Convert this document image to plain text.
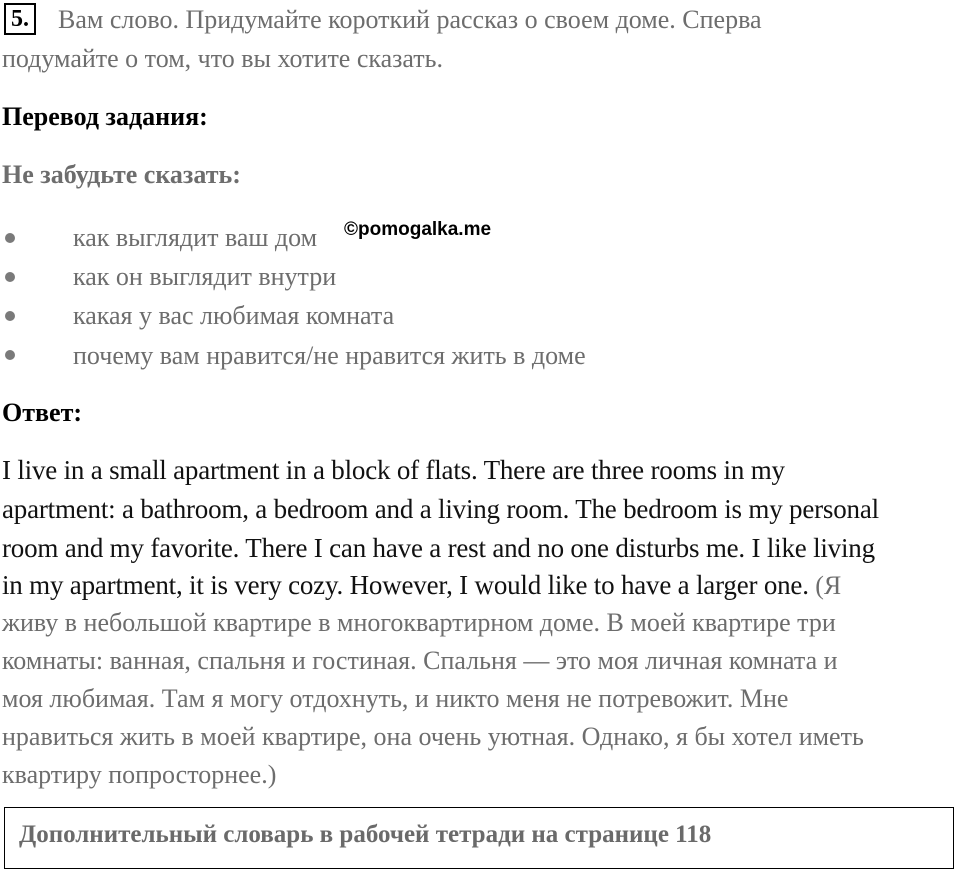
5. Вам слово. Придумайте короткий рассказ о своем доме. Сперва
подумайте о том, что вы хотите сказать.
Перевод задания:
Не забудьте сказать:
как выглядит ваш дом
как он выглядит внутри
какая у вас любимая комната
почему вам нравится/не нравится жить в доме
©pomogalka.me
Ответ:
I live in a small apartment in a block of flats. There are three rooms in my
apartment: a bathroom, a bedroom and a living room. The bedroom is my personal
room and my favorite. There I can have a rest and no one disturbs me. I like living
in my apartment, it is very cozy. However, I would like to have a larger one. (Я
живу в небольшой квартире в многоквартирном доме. В моей квартире три
комнаты: ванная, спальня и гостиная. Спальня — это моя личная комната и
моя любимая. Там я могу отдохнуть, и никто меня не потревожит. Мне
нравиться жить в моей квартире, она очень уютная. Однако, я бы хотел иметь
квартиру попросторнее.)
Дополнительный словарь в рабочей тетради на странице 118
